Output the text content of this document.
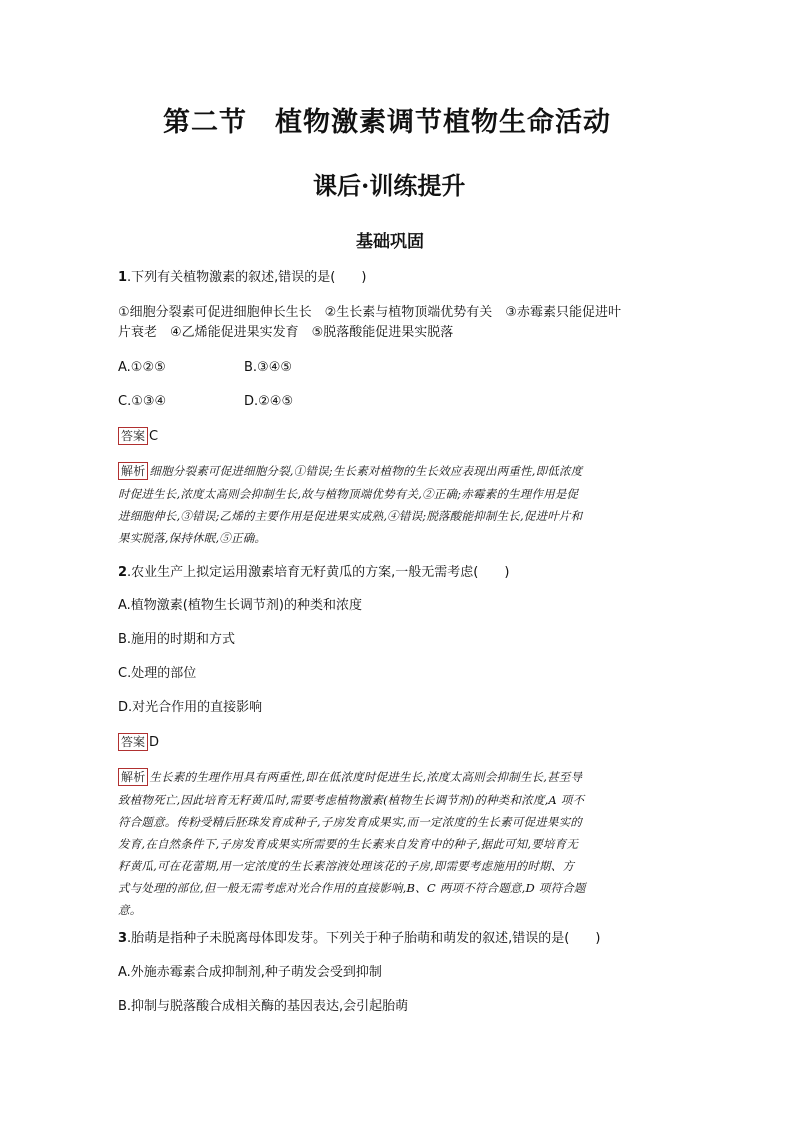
第二节　植物激素调节植物生命活动
课后·训练提升
基础巩固
1.下列有关植物激素的叙述,错误的是(　　)
①细胞分裂素可促进细胞伸长生长　②生长素与植物顶端优势有关　③赤霉素只能促进叶
片衰老　④乙烯能促进果实发育　⑤脱落酸能促进果实脱落
A.①②⑤	B.③④⑤
C.①③④	D.②④⑤
答案 C
解析 细胞分裂素可促进细胞分裂,①错误;生长素对植物的生长效应表现出两重性,即低浓度
时促进生长,浓度太高则会抑制生长,故与植物顶端优势有关,②正确;赤霉素的生理作用是促
进细胞伸长,③错误;乙烯的主要作用是促进果实成熟,④错误;脱落酸能抑制生长,促进叶片和
果实脱落,保持休眠,⑤正确。
2.农业生产上拟定运用激素培育无籽黄瓜的方案,一般无需考虑(　　)
A.植物激素(植物生长调节剂)的种类和浓度
B.施用的时期和方式
C.处理的部位
D.对光合作用的直接影响
答案 D
解析 生长素的生理作用具有两重性,即在低浓度时促进生长,浓度太高则会抑制生长,甚至导
致植物死亡,因此培育无籽黄瓜时,需要考虑植物激素(植物生长调节剂)的种类和浓度,A 项不
符合题意。传粉受精后胚珠发育成种子,子房发育成果实,而一定浓度的生长素可促进果实的
发育,在自然条件下,子房发育成果实所需要的生长素来自发育中的种子,据此可知,要培育无
籽黄瓜,可在花蕾期,用一定浓度的生长素溶液处理该花的子房,即需要考虑施用的时期、方
式与处理的部位,但一般无需考虑对光合作用的直接影响,B、C 两项不符合题意,D 项符合题
意。
3.胎萌是指种子未脱离母体即发芽。下列关于种子胎萌和萌发的叙述,错误的是(　　)
A.外施赤霉素合成抑制剂,种子萌发会受到抑制
B.抑制与脱落酸合成相关酶的基因表达,会引起胎萌
